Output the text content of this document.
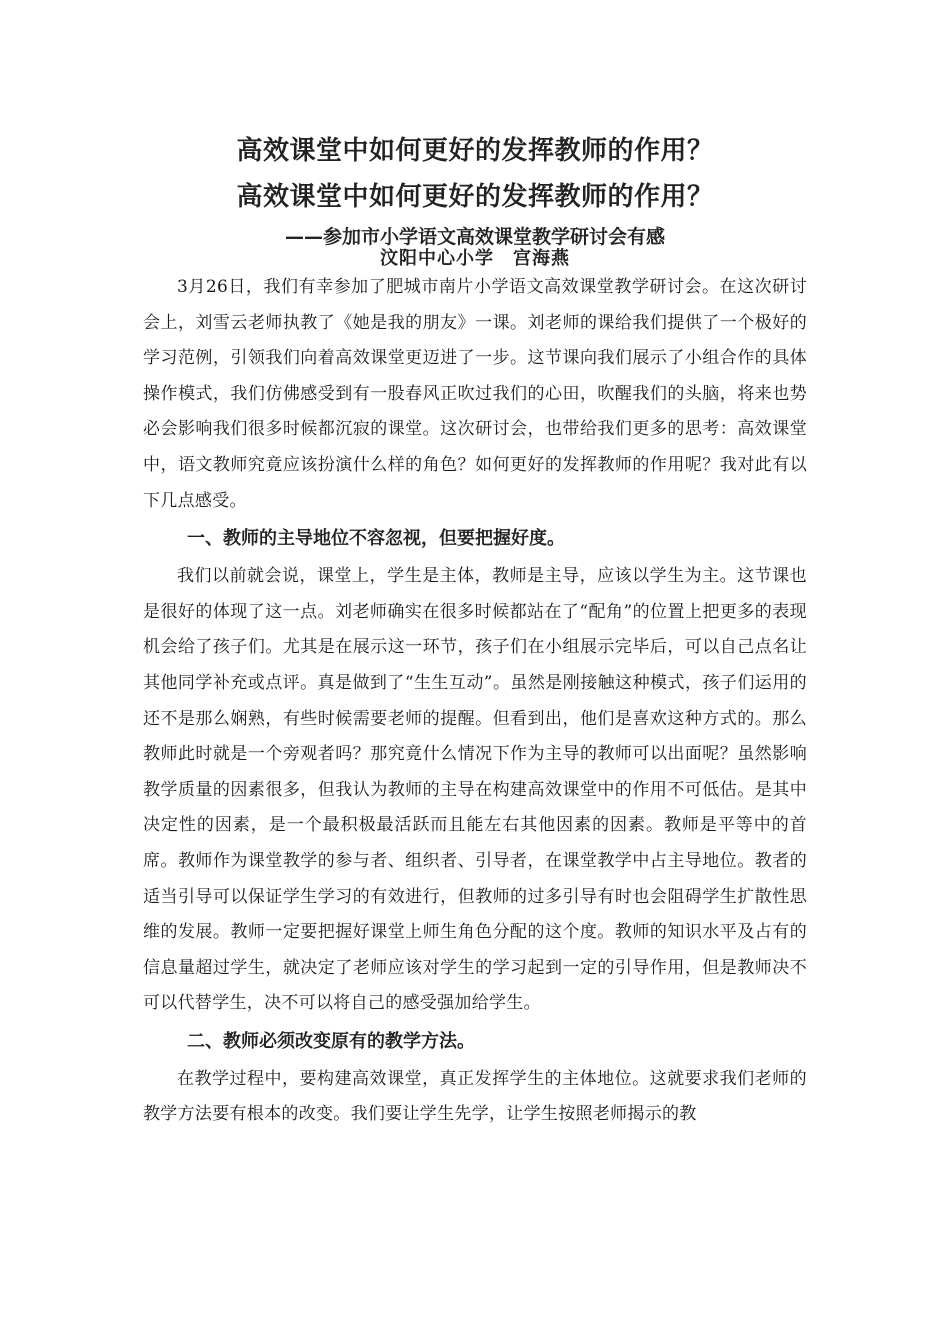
高效课堂中如何更好的发挥教师的作用？
高效课堂中如何更好的发挥教师的作用？

——参加市小学语文高效课堂教学研讨会有感

汶阳中心小学　宫海燕

3月26日，我们有幸参加了肥城市南片小学语文高效课堂教学研讨会。在这次研讨会上，刘雪云老师执教了《她是我的朋友》一课。刘老师的课给我们提供了一个极好的学习范例，引领我们向着高效课堂更迈进了一步。这节课向我们展示了小组合作的具体操作模式，我们仿佛感受到有一股春风正吹过我们的心田，吹醒我们的头脑，将来也势必会影响我们很多时候都沉寂的课堂。这次研讨会，也带给我们更多的思考：高效课堂中，语文教师究竟应该扮演什么样的角色？如何更好的发挥教师的作用呢？我对此有以下几点感受。

一、教师的主导地位不容忽视，但要把握好度。

我们以前就会说，课堂上，学生是主体，教师是主导，应该以学生为主。这节课也是很好的体现了这一点。刘老师确实在很多时候都站在了“配角”的位置上把更多的表现机会给了孩子们。尤其是在展示这一环节，孩子们在小组展示完毕后，可以自己点名让其他同学补充或点评。真是做到了“生生互动”。虽然是刚接触这种模式，孩子们运用的还不是那么娴熟，有些时候需要老师的提醒。但看到出，他们是喜欢这种方式的。那么教师此时就是一个旁观者吗？那究竟什么情况下作为主导的教师可以出面呢？虽然影响教学质量的因素很多，但我认为教师的主导在构建高效课堂中的作用不可低估。是其中决定性的因素，是一个最积极最活跃而且能左右其他因素的因素。教师是平等中的首席。教师作为课堂教学的参与者、组织者、引导者，在课堂教学中占主导地位。教者的适当引导可以保证学生学习的有效进行，但教师的过多引导有时也会阻碍学生扩散性思维的发展。教师一定要把握好课堂上师生角色分配的这个度。教师的知识水平及占有的信息量超过学生，就决定了老师应该对学生的学习起到一定的引导作用，但是教师决不可以代替学生，决不可以将自己的感受强加给学生。

二、教师必须改变原有的教学方法。

在教学过程中，要构建高效课堂，真正发挥学生的主体地位。这就要求我们老师的教学方法要有根本的改变。我们要让学生先学，让学生按照老师揭示的教
